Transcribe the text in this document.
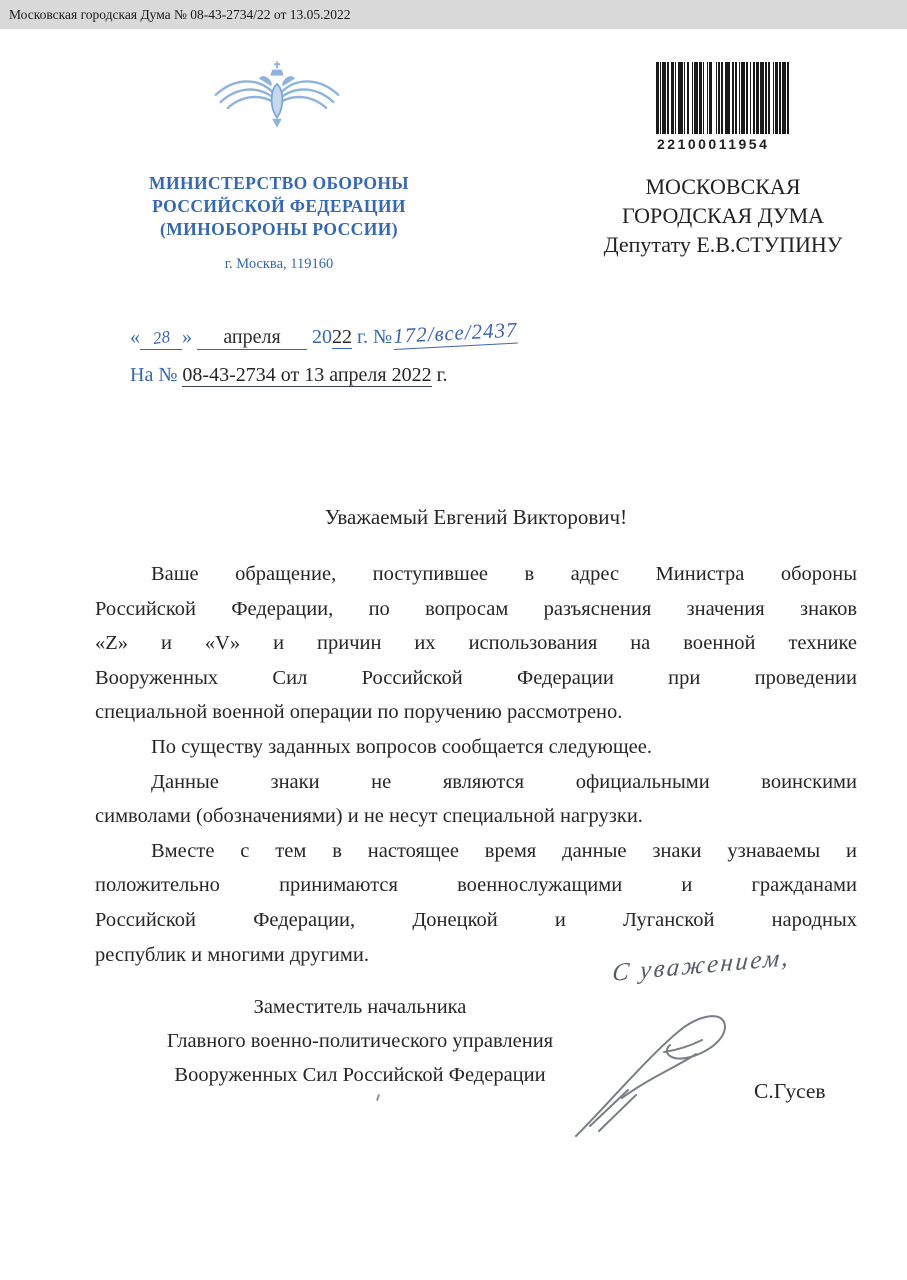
Московская городская Дума № 08-43-2734/22 от 13.05.2022
МИНИСТЕРСТВО ОБОРОНЫ
РОССИЙСКОЙ ФЕДЕРАЦИИ
(МИНОБОРОНЫ РОССИИ)
г. Москва, 119160
22100011954
МОСКОВСКАЯ
ГОРОДСКАЯ ДУМА
Депутату Е.В.СТУПИНУ
« 28 » апреля 2022 г. №172/все/2437
На № 08-43-2734 от 13 апреля 2022 г.
Уважаемый Евгений Викторович!
Ваше обращение, поступившее в адрес Министра обороны
Российской Федерации, по вопросам разъяснения значения знаков
«Z» и «V» и причин их использования на военной технике
Вооруженных Сил Российской Федерации при проведении
специальной военной операции по поручению рассмотрено.
По существу заданных вопросов сообщается следующее.
Данные знаки не являются официальными воинскими
символами (обозначениями) и не несут специальной нагрузки.
Вместе с тем в настоящее время данные знаки узнаваемы и
положительно принимаются военнослужащими и гражданами
Российской Федерации, Донецкой и Луганской народных
республик и многими другими.
Заместитель начальника
Главного военно-политического управления
Вооруженных Сил Российской Федерации
С уважением,
С.Гусев
